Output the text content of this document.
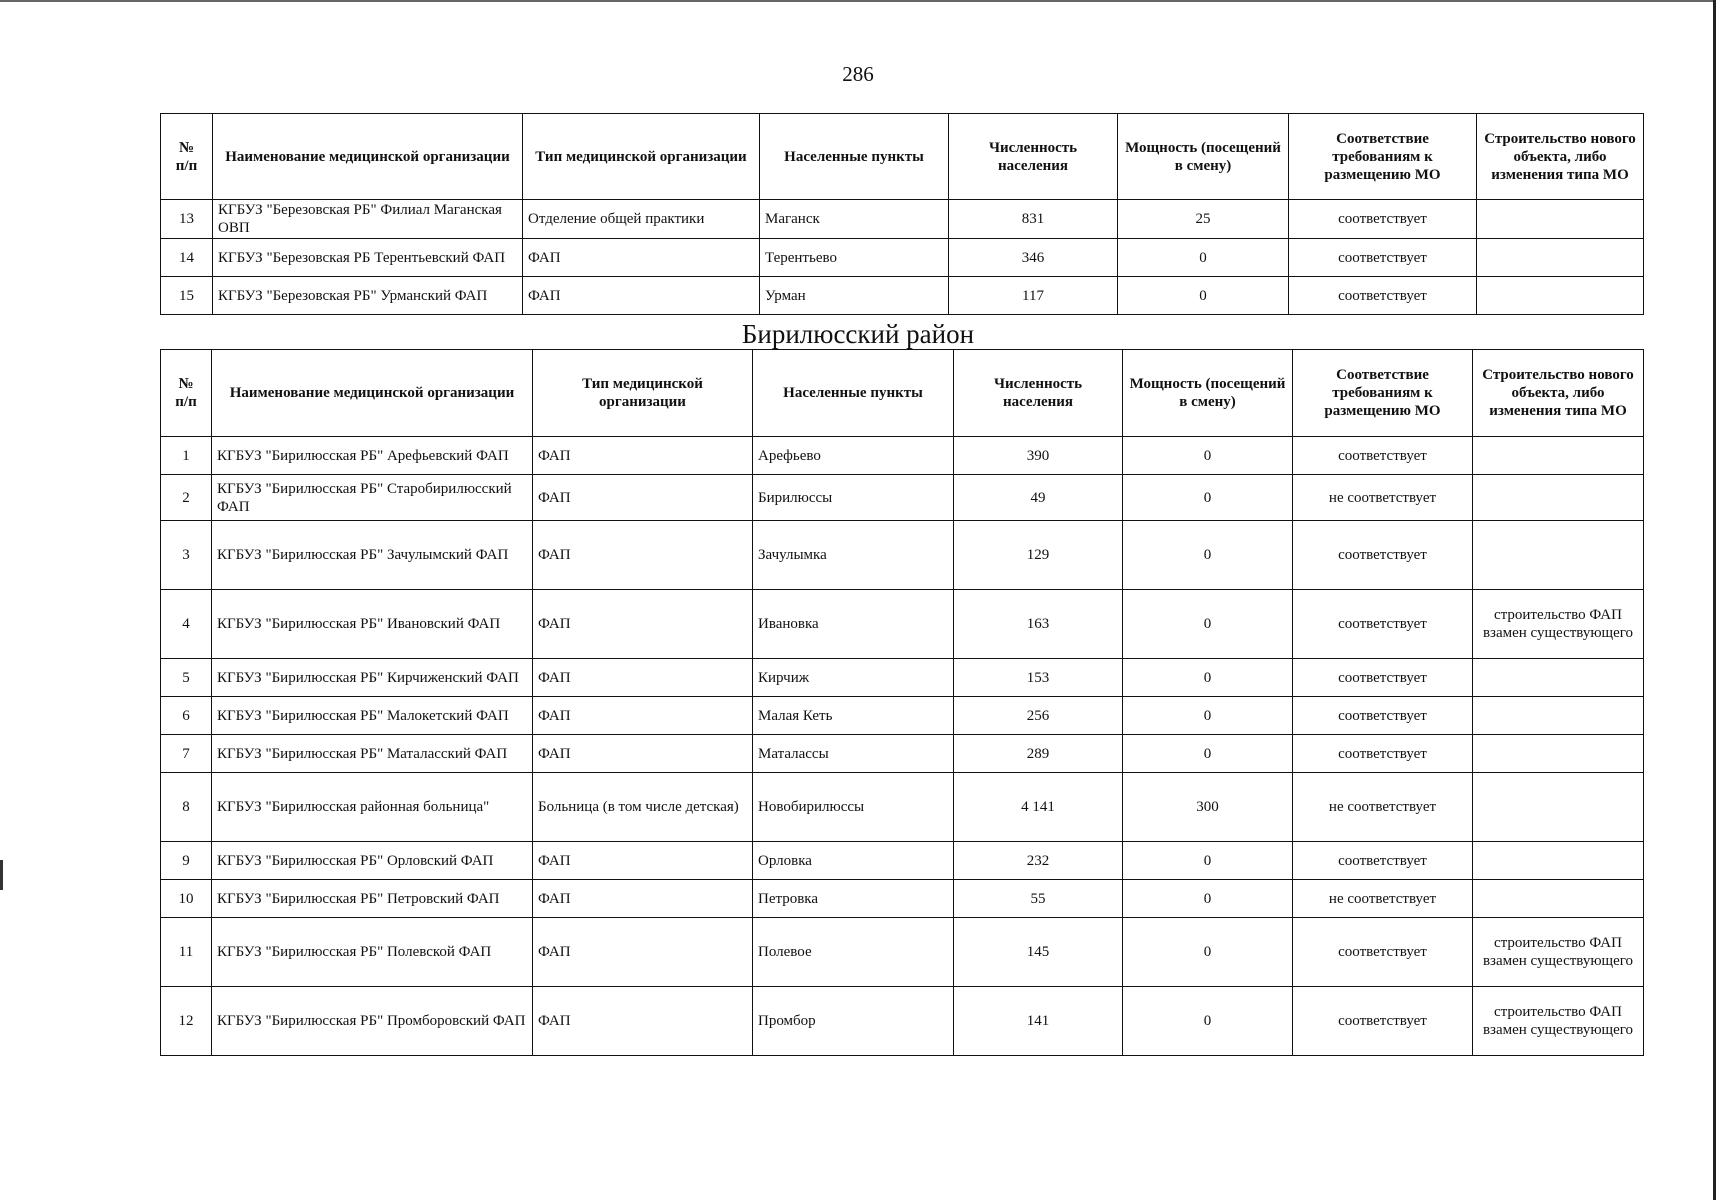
286
№
п/п	Наименование медицинской организации	Тип медицинской организации	Населенные пункты	Численность населения	Мощность (посещений в смену)	Соответствие требованиям к размещению МО	Строительство нового объекта, либо изменения типа МО
13	КГБУЗ "Березовская РБ" Филиал Маганская ОВП	Отделение общей практики	Маганск	831	25	соответствует	
14	КГБУЗ "Березовская РБ Терентьевский ФАП	ФАП	Терентьево	346	0	соответствует	
15	КГБУЗ "Березовская РБ" Урманский ФАП	ФАП	Урман	117	0	соответствует	
Бирилюсский район
№
п/п	Наименование медицинской организации	Тип медицинской организации	Населенные пункты	Численность населения	Мощность (посещений в смену)	Соответствие требованиям к размещению МО	Строительство нового объекта, либо изменения типа МО
1	КГБУЗ "Бирилюсская РБ" Арефьевский ФАП	ФАП	Арефьево	390	0	соответствует	
2	КГБУЗ "Бирилюсская РБ" Старобирилюсский ФАП	ФАП	Бирилюссы	49	0	не соответствует	
3	КГБУЗ "Бирилюсская РБ" Зачулымский ФАП	ФАП	Зачулымка	129	0	соответствует	
4	КГБУЗ "Бирилюсская РБ" Ивановский ФАП	ФАП	Ивановка	163	0	соответствует	строительство ФАП взамен существующего
5	КГБУЗ "Бирилюсская РБ" Кирчиженский ФАП	ФАП	Кирчиж	153	0	соответствует	
6	КГБУЗ "Бирилюсская РБ" Малокетский ФАП	ФАП	Малая Кеть	256	0	соответствует	
7	КГБУЗ "Бирилюсская РБ" Маталасский ФАП	ФАП	Маталассы	289	0	соответствует	
8	КГБУЗ "Бирилюсская районная больница"	Больница (в том числе детская)	Новобирилюссы	4 141	300	не соответствует	
9	КГБУЗ "Бирилюсская РБ" Орловский ФАП	ФАП	Орловка	232	0	соответствует	
10	КГБУЗ "Бирилюсская РБ" Петровский ФАП	ФАП	Петровка	55	0	не соответствует	
11	КГБУЗ "Бирилюсская РБ" Полевской ФАП	ФАП	Полевое	145	0	соответствует	строительство ФАП взамен существующего
12	КГБУЗ "Бирилюсская РБ" Промборовский ФАП	ФАП	Промбор	141	0	соответствует	строительство ФАП взамен существующего
